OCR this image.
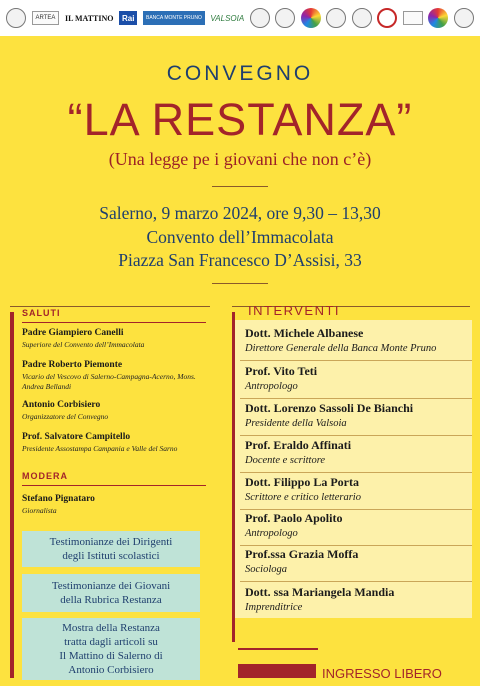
ARTEA	IL MATTINO	Rai	BANCA MONTE PRUNO	VALSOIA
CONVEGNO
“LA RESTANZA”
(Una legge pe i giovani che non c’è)
Salerno, 9 marzo 2024, ore 9,30 – 13,30
Convento dell’Immacolata
Piazza San Francesco D’Assisi, 33
SALUTI
Padre Giampiero Canelli
Superiore del Convento dell’Immacolata
Padre Roberto Piemonte
Vicario del Vescovo di Salerno-Campagna-Acerno, Mons. Andrea Bellandi
Antonio Corbisiero
Organizzatore del Convegno
Prof. Salvatore Campitello
Presidente Assostampa Campania e Valle del Sarno
MODERA
Stefano Pignataro
Giornalista
Testimonianze dei Dirigenti
degli Istituti scolastici
Testimonianze dei Giovani
della Rubrica Restanza
Mostra della Restanza
tratta dagli articoli su
Il Mattino di Salerno di
Antonio Corbisiero
INTERVENTI
Dott. Michele Albanese
Direttore Generale della Banca Monte Pruno
Prof. Vito Teti
Antropologo
Dott. Lorenzo Sassoli De Bianchi
Presidente della Valsoia
Prof. Eraldo Affinati
Docente e scrittore
Dott. Filippo La Porta
Scrittore e critico letterario
Prof. Paolo Apolito
Antropologo
Prof.ssa Grazia Moffa
Sociologa
Dott. ssa Mariangela Mandia
Imprenditrice
INGRESSO LIBERO
